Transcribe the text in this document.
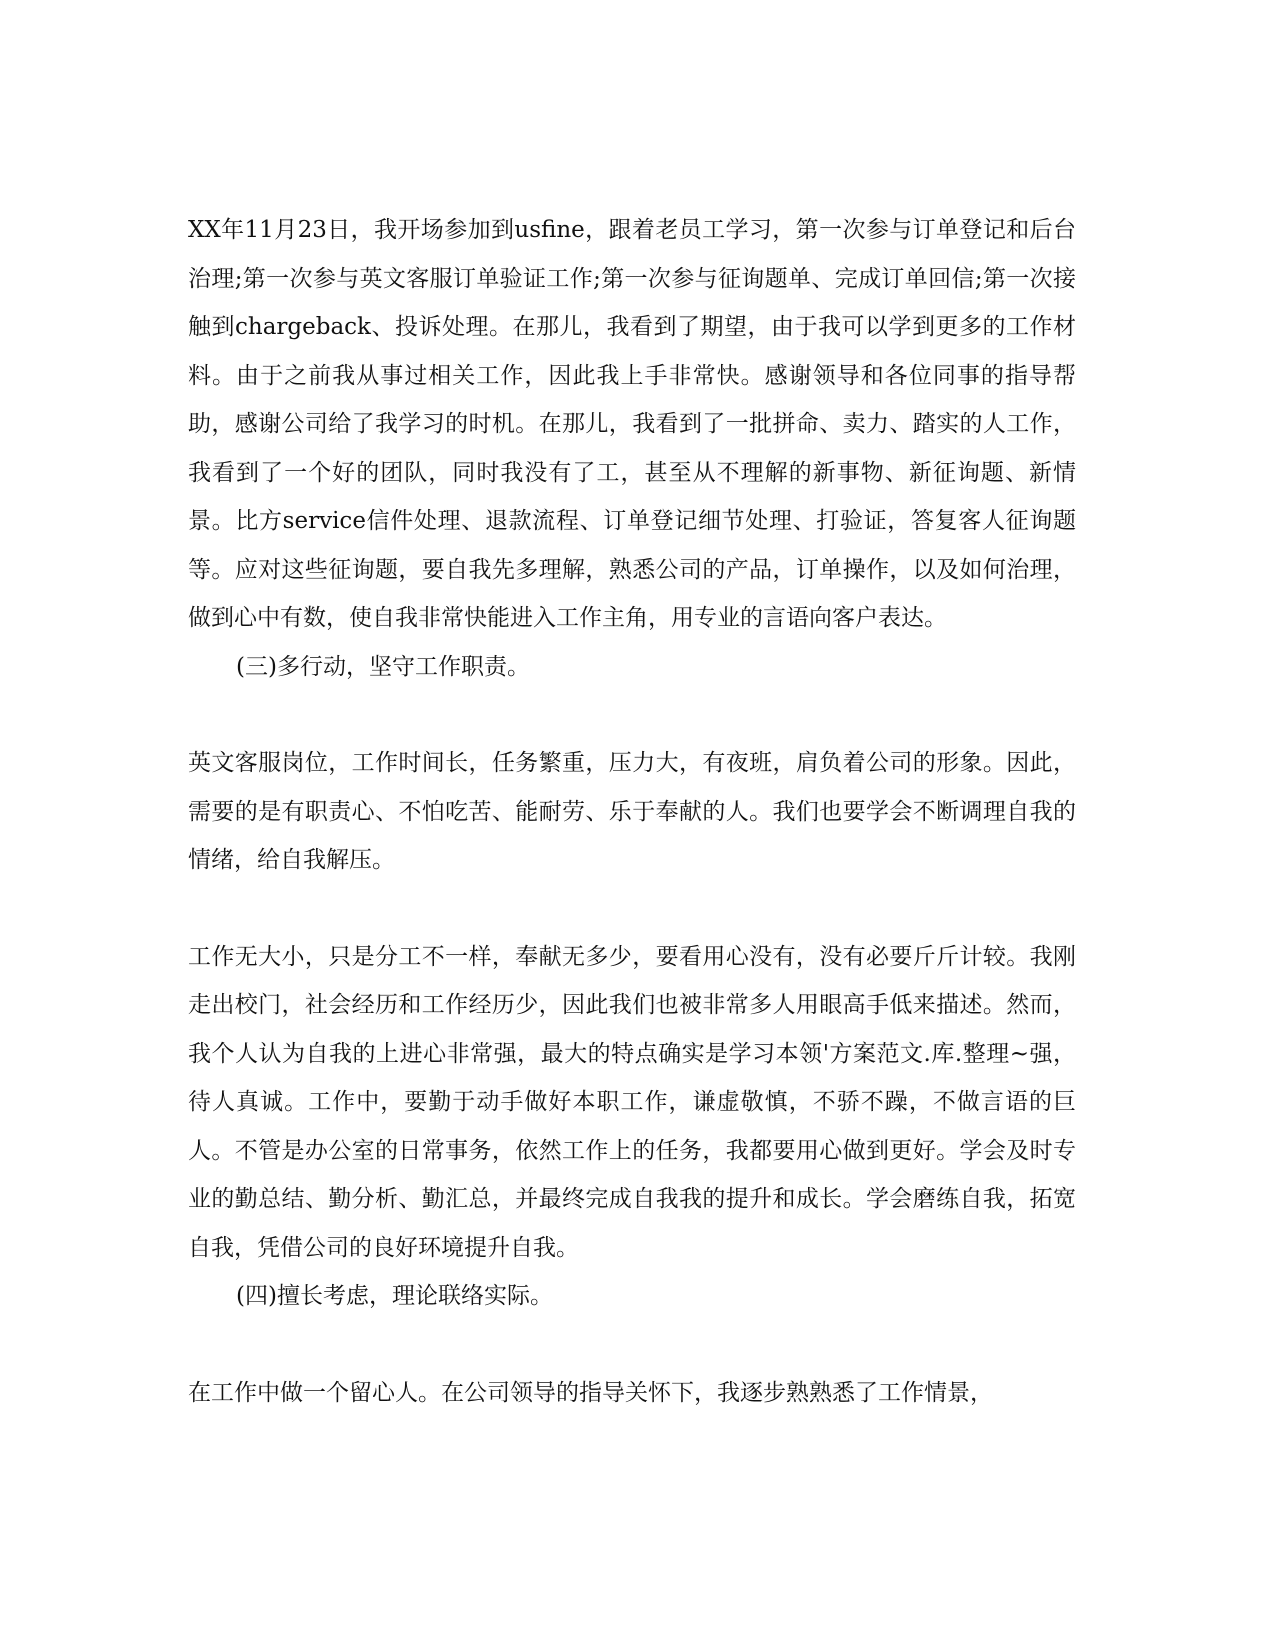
XX年11月23日，我开场参加到usfine，跟着老员工学习，第一次参与订单登记和后台治理;第一次参与英文客服订单验证工作;第一次参与征询题单、完成订单回信;第一次接触到chargeback、投诉处理。在那儿，我看到了期望，由于我可以学到更多的工作材料。由于之前我从事过相关工作，因此我上手非常快。感谢领导和各位同事的指导帮助，感谢公司给了我学习的时机。在那儿，我看到了一批拼命、卖力、踏实的人工作，我看到了一个好的团队，同时我没有了工，甚至从不理解的新事物、新征询题、新情景。比方service信件处理、退款流程、订单登记细节处理、打验证，答复客人征询题等。应对这些征询题，要自我先多理解，熟悉公司的产品，订单操作，以及如何治理，做到心中有数，使自我非常快能进入工作主角，用专业的言语向客户表达。

(三)多行动，坚守工作职责。

英文客服岗位，工作时间长，任务繁重，压力大，有夜班，肩负着公司的形象。因此，需要的是有职责心、不怕吃苦、能耐劳、乐于奉献的人。我们也要学会不断调理自我的情绪，给自我解压。

工作无大小，只是分工不一样，奉献无多少，要看用心没有，没有必要斤斤计较。我刚走出校门，社会经历和工作经历少，因此我们也被非常多人用眼高手低来描述。然而，我个人认为自我的上进心非常强，最大的特点确实是学习本领'方案范文.库.整理~强，待人真诚。工作中，要勤于动手做好本职工作，谦虚敬慎，不骄不躁，不做言语的巨人。不管是办公室的日常事务，依然工作上的任务，我都要用心做到更好。学会及时专业的勤总结、勤分析、勤汇总，并最终完成自我我的提升和成长。学会磨练自我，拓宽自我，凭借公司的良好环境提升自我。

(四)擅长考虑，理论联络实际。

在工作中做一个留心人。在公司领导的指导关怀下，我逐步熟熟悉了工作情景，
